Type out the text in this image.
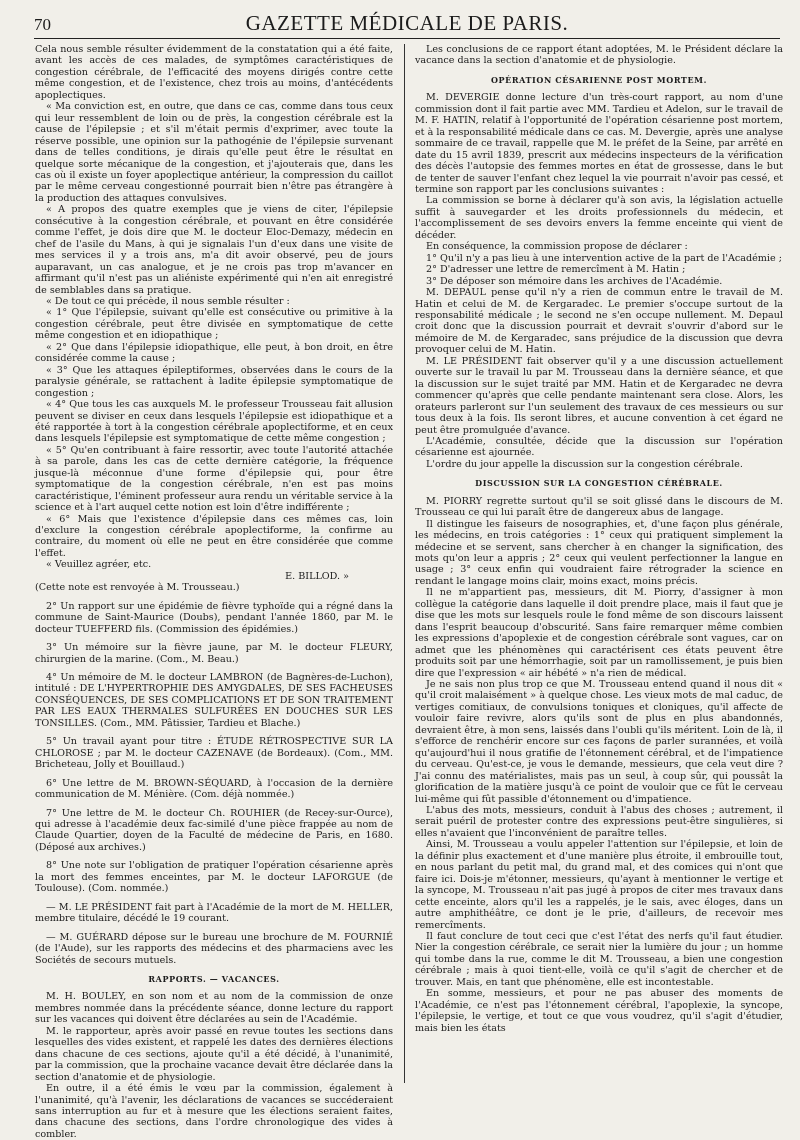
70	GAZETTE MÉDICALE DE PARIS.

Cela nous semble résulter évidemment de la constatation qui a été faite, avant les accès de ces malades, de symptômes caractéristiques de congestion cérébrale, de l'efficacité des moyens dirigés contre cette même congestion, et de l'existence, chez trois au moins, d'antécédents apoplectiques.

« Ma conviction est, en outre, que dans ce cas, comme dans tous ceux qui leur ressemblent de loin ou de près, la congestion cérébrale est la cause de l'épilepsie ; et s'il m'était permis d'exprimer, avec toute la réserve possible, une opinion sur la pathogénie de l'épilepsie survenant dans de telles conditions, je dirais qu'elle peut être le résultat en quelque sorte mécanique de la congestion, et j'ajouterais que, dans les cas où il existe un foyer apoplectique antérieur, la compression du caillot par le même cerveau congestionné pourrait bien n'être pas étrangère à la production des attaques convulsives.

« A propos des quatre exemples que je viens de citer, l'épilepsie consécutive à la congestion cérébrale, et pouvant en être considérée comme l'effet, je dois dire que M. le docteur Eloc-Demazy, médecin en chef de l'asile du Mans, à qui je signalais l'un d'eux dans une visite de mes services il y a trois ans, m'a dit avoir observé, peu de jours auparavant, un cas analogue, et je ne crois pas trop m'avancer en affirmant qu'il n'est pas un aliéniste expérimenté qui n'en ait enregistré de semblables dans sa pratique.

« De tout ce qui précède, il nous semble résulter :

« 1° Que l'épilepsie, suivant qu'elle est consécutive ou primitive à la congestion cérébrale, peut être divisée en symptomatique de cette même congestion et en idiopathique ;

« 2° Que dans l'épilepsie idiopathique, elle peut, à bon droit, en être considérée comme la cause ;

« 3° Que les attaques épileptiformes, observées dans le cours de la paralysie générale, se rattachent à ladite épilepsie symptomatique de congestion ;

« 4° Que tous les cas auxquels M. le professeur Trousseau fait allusion peuvent se diviser en ceux dans lesquels l'épilepsie est idiopathique et a été rapportée à tort à la congestion cérébrale apoplectiforme, et en ceux dans lesquels l'épilepsie est symptomatique de cette même congestion ;

« 5° Qu'en contribuant à faire ressortir, avec toute l'autorité attachée à sa parole, dans les cas de cette dernière catégorie, la fréquence jusque-là méconnue d'une forme d'épilepsie qui, pour être symptomatique de la congestion cérébrale, n'en est pas moins caractéristique, l'éminent professeur aura rendu un véritable service à la science et à l'art auquel cette notion est loin d'être indifférente ;

« 6° Mais que l'existence d'épilepsie dans ces mêmes cas, loin d'exclure la congestion cérébrale apoplectiforme, la confirme au contraire, du moment où elle ne peut en être considérée que comme l'effet.

« Veuillez agréer, etc.

E. BILLOD. »

(Cette note est renvoyée à M. Trousseau.)

2° Un rapport sur une épidémie de fièvre typhoïde qui a régné dans la commune de Saint-Maurice (Doubs), pendant l'année 1860, par M. le docteur TUEFFERD fils. (Commission des épidémies.)

3° Un mémoire sur la fièvre jaune, par M. le docteur FLEURY, chirurgien de la marine. (Com., M. Beau.)

4° Un mémoire de M. le docteur LAMBRON (de Bagnères-de-Luchon), intitulé : DE L'HYPERTROPHIE DES AMYGDALES, DE SES FACHEUSES CONSÉQUENCES, DE SES COMPLICATIONS ET DE SON TRAITEMENT PAR LES EAUX THERMALES SULFURÉES EN DOUCHES SUR LES TONSILLES. (Com., MM. Pâtissier, Tardieu et Blache.)

5° Un travail ayant pour titre : ÉTUDE RÉTROSPECTIVE SUR LA CHLOROSE ; par M. le docteur CAZENAVE (de Bordeaux). (Com., MM. Bricheteau, Jolly et Bouillaud.)

6° Une lettre de M. BROWN-SÉQUARD, à l'occasion de la dernière communication de M. Ménière. (Com. déjà nommée.)

7° Une lettre de M. le docteur Ch. ROUHIER (de Recey-sur-Ource), qui adresse à l'académie deux fac-similé d'une pièce frappée au nom de Claude Quartier, doyen de la Faculté de médecine de Paris, en 1680. (Déposé aux archives.)

8° Une note sur l'obligation de pratiquer l'opération césarienne après la mort des femmes enceintes, par M. le docteur LAFORGUE (de Toulouse). (Com. nommée.)

— M. LE PRÉSIDENT fait part à l'Académie de la mort de M. HELLER, membre titulaire, décédé le 19 courant.

— M. GUÉRARD dépose sur le bureau une brochure de M. FOURNIÉ (de l'Aude), sur les rapports des médecins et des pharmaciens avec les Sociétés de secours mutuels.

RAPPORTS. — VACANCES.

M. H. BOULEY, en son nom et au nom de la commission de onze membres nommée dans la précédente séance, donne lecture du rapport sur les vacances qui doivent être déclarées au sein de l'Académie.

M. le rapporteur, après avoir passé en revue toutes les sections dans lesquelles des vides existent, et rappelé les dates des dernières élections dans chacune de ces sections, ajoute qu'il a été décidé, à l'unanimité, par la commission, que la prochaine vacance devait être déclarée dans la section d'anatomie et de physiologie.

En outre, il a été émis le vœu par la commission, également à l'unanimité, qu'à l'avenir, les déclarations de vacances se succéderaient sans interruption au fur et à mesure que les élections seraient faites, dans chacune des sections, dans l'ordre chronologique des vides à combler.

Les conclusions de ce rapport étant adoptées, M. le Président déclare la vacance dans la section d'anatomie et de physiologie.

OPÉRATION CÉSARIENNE POST MORTEM.

M. DEVERGIE donne lecture d'un très-court rapport, au nom d'une commission dont il fait partie avec MM. Tardieu et Adelon, sur le travail de M. F. HATIN, relatif à l'opportunité de l'opération césarienne post mortem, et à la responsabilité médicale dans ce cas. M. Devergie, après une analyse sommaire de ce travail, rappelle que M. le préfet de la Seine, par arrêté en date du 15 avril 1839, prescrit aux médecins inspecteurs de la vérification des décès l'autopsie des femmes mortes en état de grossesse, dans le but de tenter de sauver l'enfant chez lequel la vie pourrait n'avoir pas cessé, et termine son rapport par les conclusions suivantes :

La commission se borne à déclarer qu'à son avis, la législation actuelle suffit à sauvegarder et les droits professionnels du médecin, et l'accomplissement de ses devoirs envers la femme enceinte qui vient de décéder.

En conséquence, la commission propose de déclarer :

1° Qu'il n'y a pas lieu à une intervention active de la part de l'Académie ;

2° D'adresser une lettre de remercîment à M. Hatin ;

3° De déposer son mémoire dans les archives de l'Académie.

M. DEPAUL pense qu'il n'y a rien de commun entre le travail de M. Hatin et celui de M. de Kergaradec. Le premier s'occupe surtout de la responsabilité médicale ; le second ne s'en occupe nullement. M. Depaul croit donc que la discussion pourrait et devrait s'ouvrir d'abord sur le mémoire de M. de Kergaradec, sans préjudice de la discussion que devra provoquer celui de M. Hatin.

M. LE PRÉSIDENT fait observer qu'il y a une discussion actuellement ouverte sur le travail lu par M. Trousseau dans la dernière séance, et que la discussion sur le sujet traité par MM. Hatin et de Kergaradec ne devra commencer qu'après que celle pendante maintenant sera close. Alors, les orateurs parleront sur l'un seulement des travaux de ces messieurs ou sur tous deux à la fois. Ils seront libres, et aucune convention à cet égard ne peut être promulguée d'avance.

L'Académie, consultée, décide que la discussion sur l'opération césarienne est ajournée.

L'ordre du jour appelle la discussion sur la congestion cérébrale.

DISCUSSION SUR LA CONGESTION CÉRÉBRALE.

M. PIORRY regrette surtout qu'il se soit glissé dans le discours de M. Trousseau ce qui lui paraît être de dangereux abus de langage.

Il distingue les faiseurs de nosographies, et, d'une façon plus générale, les médecins, en trois catégories : 1° ceux qui pratiquent simplement la médecine et se servent, sans chercher à en changer la signification, des mots qu'on leur a appris ; 2° ceux qui veulent perfectionner la langue en usage ; 3° ceux enfin qui voudraient faire rétrograder la science en rendant le langage moins clair, moins exact, moins précis.

Il ne m'appartient pas, messieurs, dit M. Piorry, d'assigner à mon collègue la catégorie dans laquelle il doit prendre place, mais il faut que je dise que les mots sur lesquels roule le fond même de son discours laissent dans l'esprit beaucoup d'obscurité. Sans faire remarquer même combien les expressions d'apoplexie et de congestion cérébrale sont vagues, car on admet que les phénomènes qui caractérisent ces états peuvent être produits soit par une hémorrhagie, soit par un ramollissement, je puis bien dire que l'expression « air hébété » n'a rien de médical.

Je ne sais non plus trop ce que M. Trousseau entend quand il nous dit « qu'il croit malaisément » à quelque chose. Les vieux mots de mal caduc, de vertiges comitiaux, de convulsions toniques et cloniques, qu'il affecte de vouloir faire revivre, alors qu'ils sont de plus en plus abandonnés, devraient être, à mon sens, laissés dans l'oubli qu'ils méritent. Loin de là, il s'efforce de renchérir encore sur ces façons de parler surannées, et voilà qu'aujourd'hui il nous gratifie de l'étonnement cérébral, et de l'impatience du cerveau. Qu'est-ce, je vous le demande, messieurs, que cela veut dire ? J'ai connu des matérialistes, mais pas un seul, à coup sûr, qui poussât la glorification de la matière jusqu'à ce point de vouloir que ce fût le cerveau lui-même qui fût passible d'étonnement ou d'impatience.

L'abus des mots, messieurs, conduit à l'abus des choses ; autrement, il serait puéril de protester contre des expressions peut-être singulières, si elles n'avaient que l'inconvénient de paraître telles.

Ainsi, M. Trousseau a voulu appeler l'attention sur l'épilepsie, et loin de la définir plus exactement et d'une manière plus étroite, il embrouille tout, en nous parlant du petit mal, du grand mal, et des comices qui n'ont que faire ici. Dois-je m'étonner, messieurs, qu'ayant à mentionner le vertige et la syncope, M. Trousseau n'ait pas jugé à propos de citer mes travaux dans cette enceinte, alors qu'il les a rappelés, je le sais, avec éloges, dans un autre amphithéâtre, ce dont je le prie, d'ailleurs, de recevoir mes remercîments.

Il faut conclure de tout ceci que c'est l'état des nerfs qu'il faut étudier. Nier la congestion cérébrale, ce serait nier la lumière du jour ; un homme qui tombe dans la rue, comme le dit M. Trousseau, a bien une congestion cérébrale ; mais à quoi tient-elle, voilà ce qu'il s'agit de chercher et de trouver. Mais, en tant que phénomène, elle est incontestable.

En somme, messieurs, et pour ne pas abuser des moments de l'Académie, ce n'est pas l'étonnement cérébral, l'apoplexie, la syncope, l'épilepsie, le vertige, et tout ce que vous voudrez, qu'il s'agit d'étudier, mais bien les états
